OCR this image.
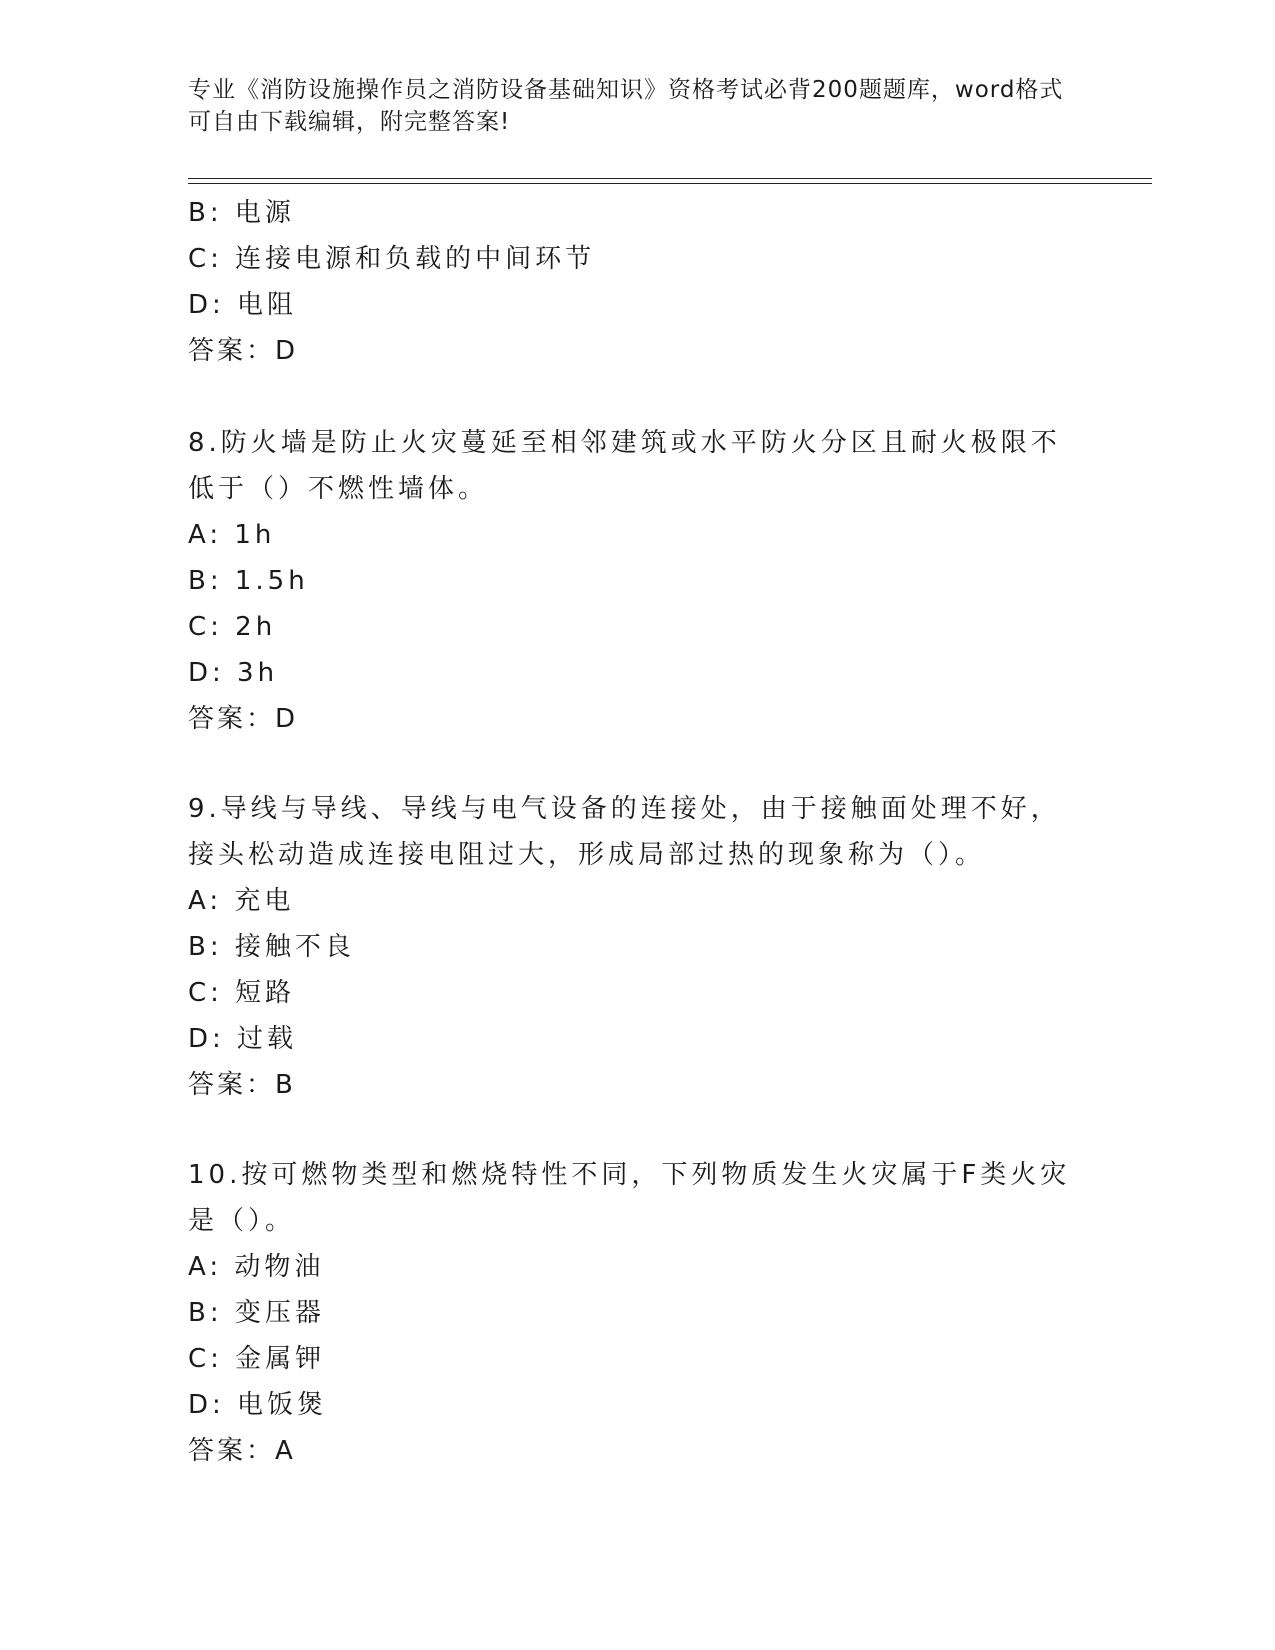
专业《消防设施操作员之消防设备基础知识》资格考试必背200题题库，word格式可自由下载编辑，附完整答案!
B: 电源
C: 连接电源和负载的中间环节
D: 电阻
答案：D
8.防火墙是防止火灾蔓延至相邻建筑或水平防火分区且耐火极限不低于（）不燃性墙体。
A: 1h
B: 1.5h
C: 2h
D: 3h
答案：D
9.导线与导线、导线与电气设备的连接处，由于接触面处理不好，接头松动造成连接电阻过大，形成局部过热的现象称为（）。
A: 充电
B: 接触不良
C: 短路
D: 过载
答案：B
10.按可燃物类型和燃烧特性不同，下列物质发生火灾属于F类火灾是（）。
A: 动物油
B: 变压器
C: 金属钾
D: 电饭煲
答案：A
